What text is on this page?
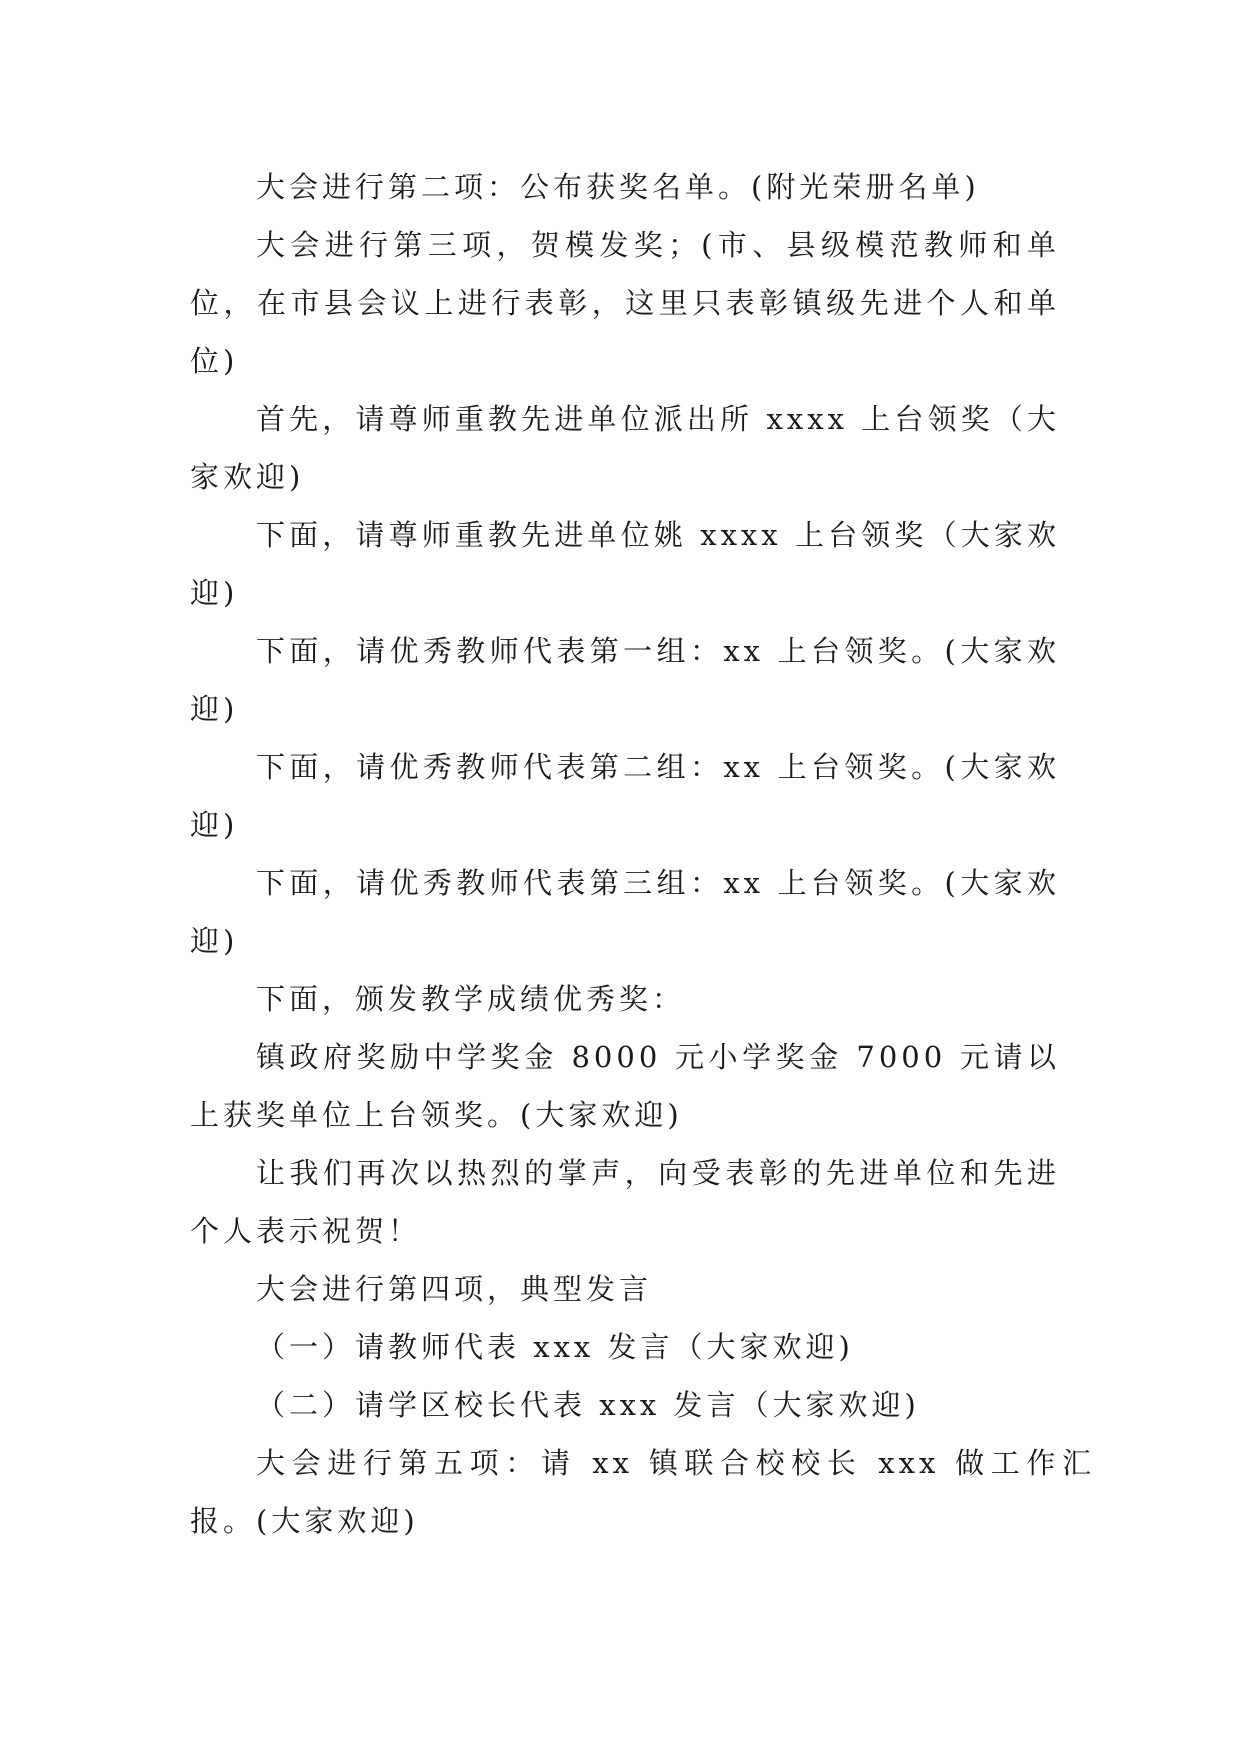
大会进行第二项：公布获奖名单。(附光荣册名单)

大会进行第三项，贺模发奖；(市、县级模范教师和单位，在市县会议上进行表彰，这里只表彰镇级先进个人和单位)

首先，请尊师重教先进单位派出所 xxxx 上台领奖（大家欢迎)

下面，请尊师重教先进单位姚 xxxx 上台领奖（大家欢迎)

下面，请优秀教师代表第一组：xx 上台领奖。(大家欢迎)

下面，请优秀教师代表第二组：xx 上台领奖。(大家欢迎)

下面，请优秀教师代表第三组：xx 上台领奖。(大家欢迎)

下面，颁发教学成绩优秀奖：

镇政府奖励中学奖金 8000 元小学奖金 7000 元请以上获奖单位上台领奖。(大家欢迎)

让我们再次以热烈的掌声，向受表彰的先进单位和先进个人表示祝贺！

大会进行第四项，典型发言

（一）请教师代表 xxx 发言（大家欢迎)

（二）请学区校长代表 xxx 发言（大家欢迎)

大会进行第五项：请 xx 镇联合校校长 xxx 做工作汇报。(大家欢迎)
